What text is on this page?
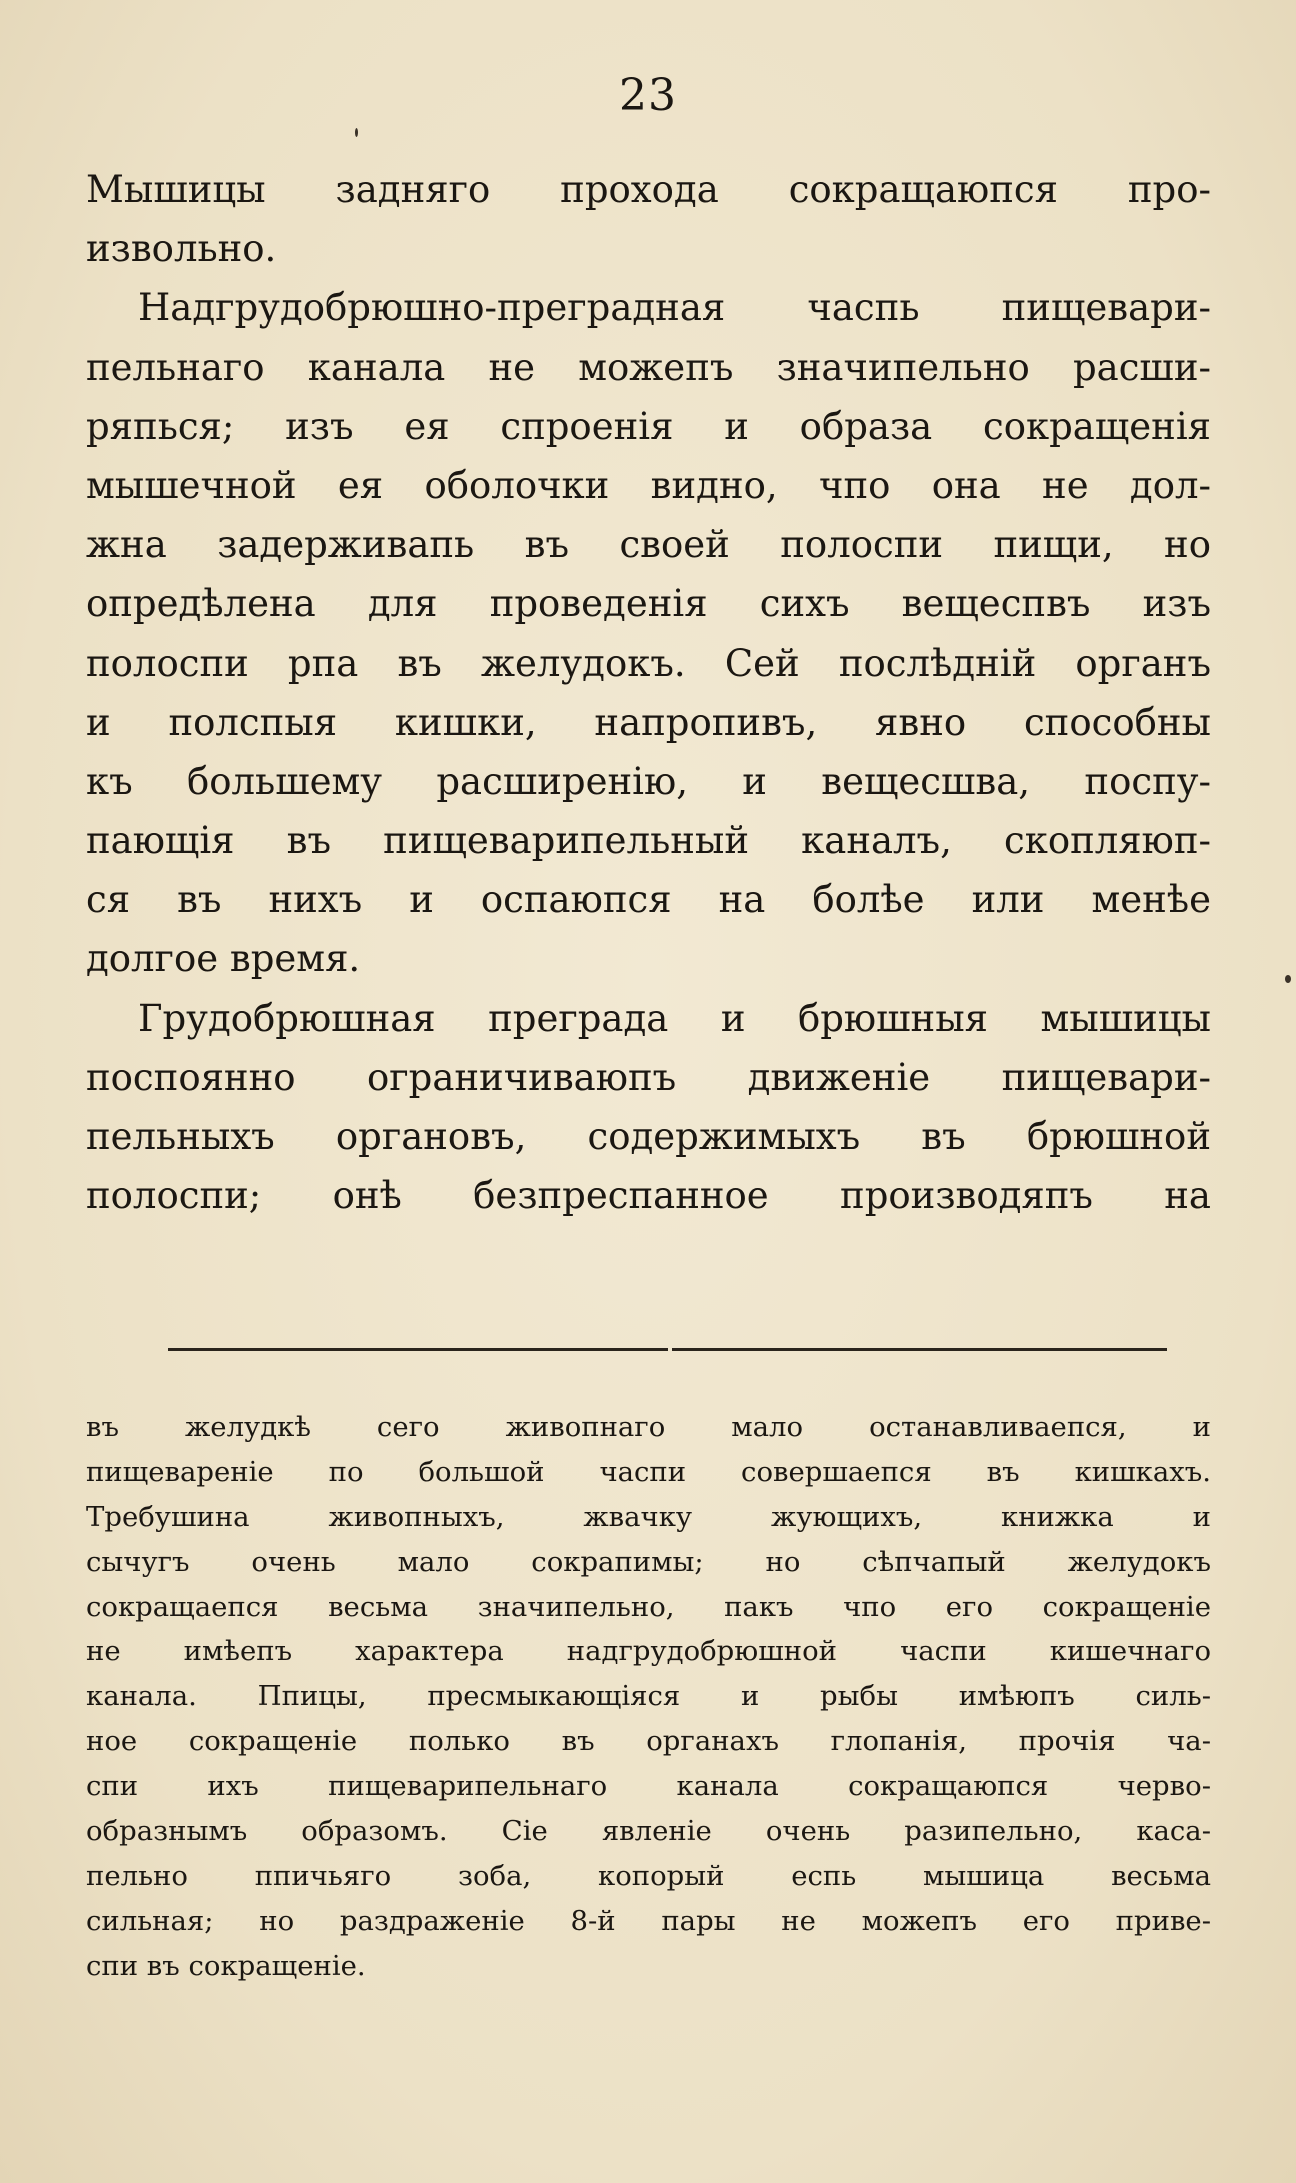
23
Мышицы задняго прохода сокращаюпся про-
извольно.
Надгрудобрюшно-преградная часпь пищевари-
пельнаго канала не можепъ значипельно расши-
ряпься; изъ ея спроенія и образа сокращенія
мышечной ея оболочки видно, чпо она не дол-
жна задерживапь въ своей полоспи пищи, но
опредѣлена для проведенія сихъ вещеспвъ изъ
полоспи рпа въ желудокъ. Сей послѣдній органъ
и полспыя кишки, напропивъ, явно способны
къ большему расширенію, и вещесшва, поспу-
пающія въ пищеварипельный каналъ, скопляюп-
ся въ нихъ и оспаюпся на болѣе или менѣе
долгое время.
Грудобрюшная преграда и брюшныя мышицы
поспоянно ограничиваюпъ движеніе пищевари-
пельныхъ органовъ, содержимыхъ въ брюшной
полоспи; онѣ безпреспанное производяпъ на
въ желудкѣ сего живопнаго мало останавливаепся, и
пищевареніе по большой часпи совершаепся въ кишкахъ.
Требушина живопныхъ, жвачку жующихъ, книжка и
сычугъ очень мало сокрапимы; но сѣпчапый желудокъ
сокращаепся весьма значипельно, пакъ чпо его сокращеніе
не имѣепъ характера надгрудобрюшной часпи кишечнаго
канала. Ппицы, пресмыкающіяся и рыбы имѣюпъ силь-
ное сокращеніе полько въ органахъ глопанія, прочія ча-
спи ихъ пищеварипельнаго канала сокращаюпся черво-
образнымъ образомъ. Сіе явленіе очень разипельно, каса-
пельно ппичьяго зоба, копорый еспь мышица весьма
сильная; но раздраженіе 8-й пары не можепъ его приве-
спи въ сокращеніе.
